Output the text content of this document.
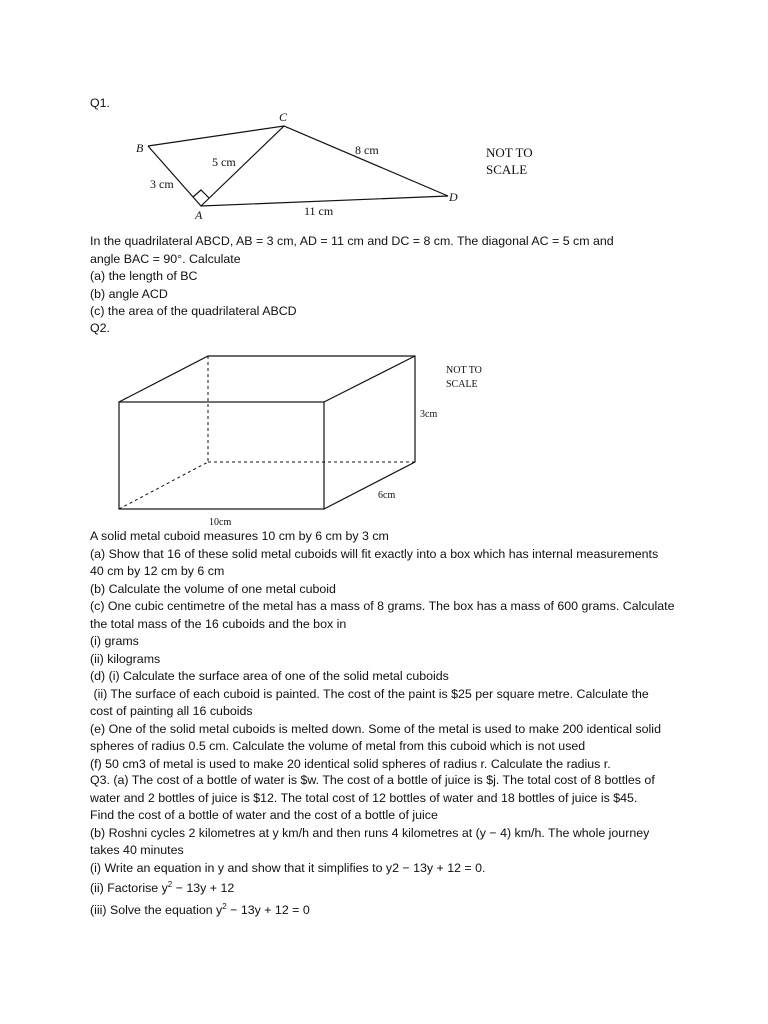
Q1.
B
C
A
D
3 cm
5 cm
8 cm
11 cm
NOT TO
SCALE
In the quadrilateral ABCD, AB = 3 cm, AD = 11 cm and DC = 8 cm. The diagonal AC = 5 cm and
angle BAC = 90°. Calculate
(a) the length of BC
(b) angle ACD
(c) the area of the quadrilateral ABCD
Q2.
NOT TO
SCALE
3cm
6cm
10cm
A solid metal cuboid measures 10 cm by 6 cm by 3 cm
(a) Show that 16 of these solid metal cuboids will fit exactly into a box which has internal measurements
40 cm by 12 cm by 6 cm
(b) Calculate the volume of one metal cuboid
(c) One cubic centimetre of the metal has a mass of 8 grams. The box has a mass of 600 grams. Calculate
the total mass of the 16 cuboids and the box in
(i) grams
(ii) kilograms
(d) (i) Calculate the surface area of one of the solid metal cuboids
(ii) The surface of each cuboid is painted. The cost of the paint is $25 per square metre. Calculate the
cost of painting all 16 cuboids
(e) One of the solid metal cuboids is melted down. Some of the metal is used to make 200 identical solid
spheres of radius 0.5 cm. Calculate the volume of metal from this cuboid which is not used
(f) 50 cm3 of metal is used to make 20 identical solid spheres of radius r. Calculate the radius r.
Q3. (a) The cost of a bottle of water is $w. The cost of a bottle of juice is $j. The total cost of 8 bottles of
water and 2 bottles of juice is $12. The total cost of 12 bottles of water and 18 bottles of juice is $45.
Find the cost of a bottle of water and the cost of a bottle of juice
(b) Roshni cycles 2 kilometres at y km/h and then runs 4 kilometres at (y − 4) km/h. The whole journey
takes 40 minutes
(i) Write an equation in y and show that it simplifies to y2 − 13y + 12 = 0.
(ii) Factorise $y^2 - 13y + 12$
(iii) Solve the equation $y^2 - 13y + 12 = 0$
